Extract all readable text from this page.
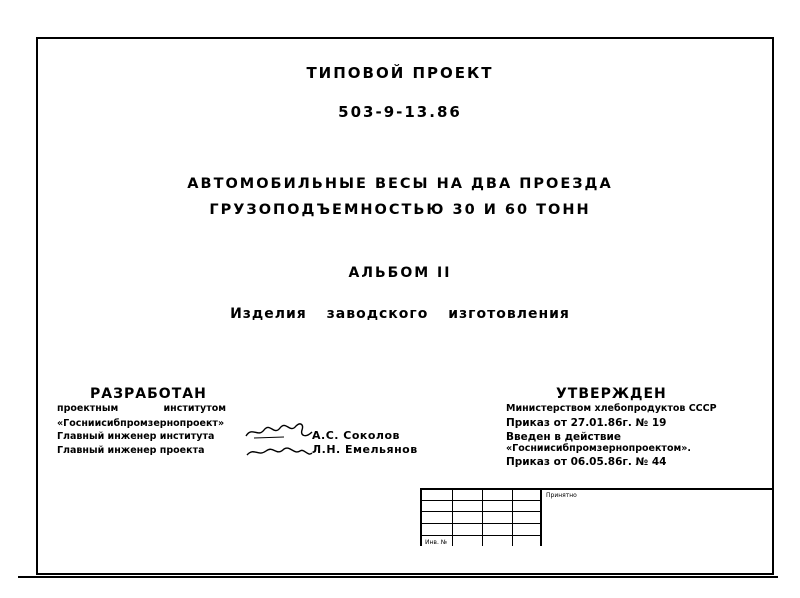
ТИПОВОЙ ПРОЕКТ
503-9-13.86
АВТОМОБИЛЬНЫЕ ВЕСЫ НА ДВА ПРОЕЗДА
ГРУЗОПОДЪЕМНОСТЬЮ 30 И 60 ТОНН
АЛЬБОМ II
Изделия заводского изготовления
РАЗРАБОТАН
проектным институтом
«Госниисибпромзернопроект»
Главный инженер института
Главный инженер проекта
А.С. Соколов
Л.Н. Емельянов
УТВЕРЖДЕН
Министерством хлебопродуктов СССР
Приказ от 27.01.86г. № 19
Введен в действие
«Госниисибпромзернопроектом».
Приказ от 06.05.86г. № 44
Принятно
Инв. №
